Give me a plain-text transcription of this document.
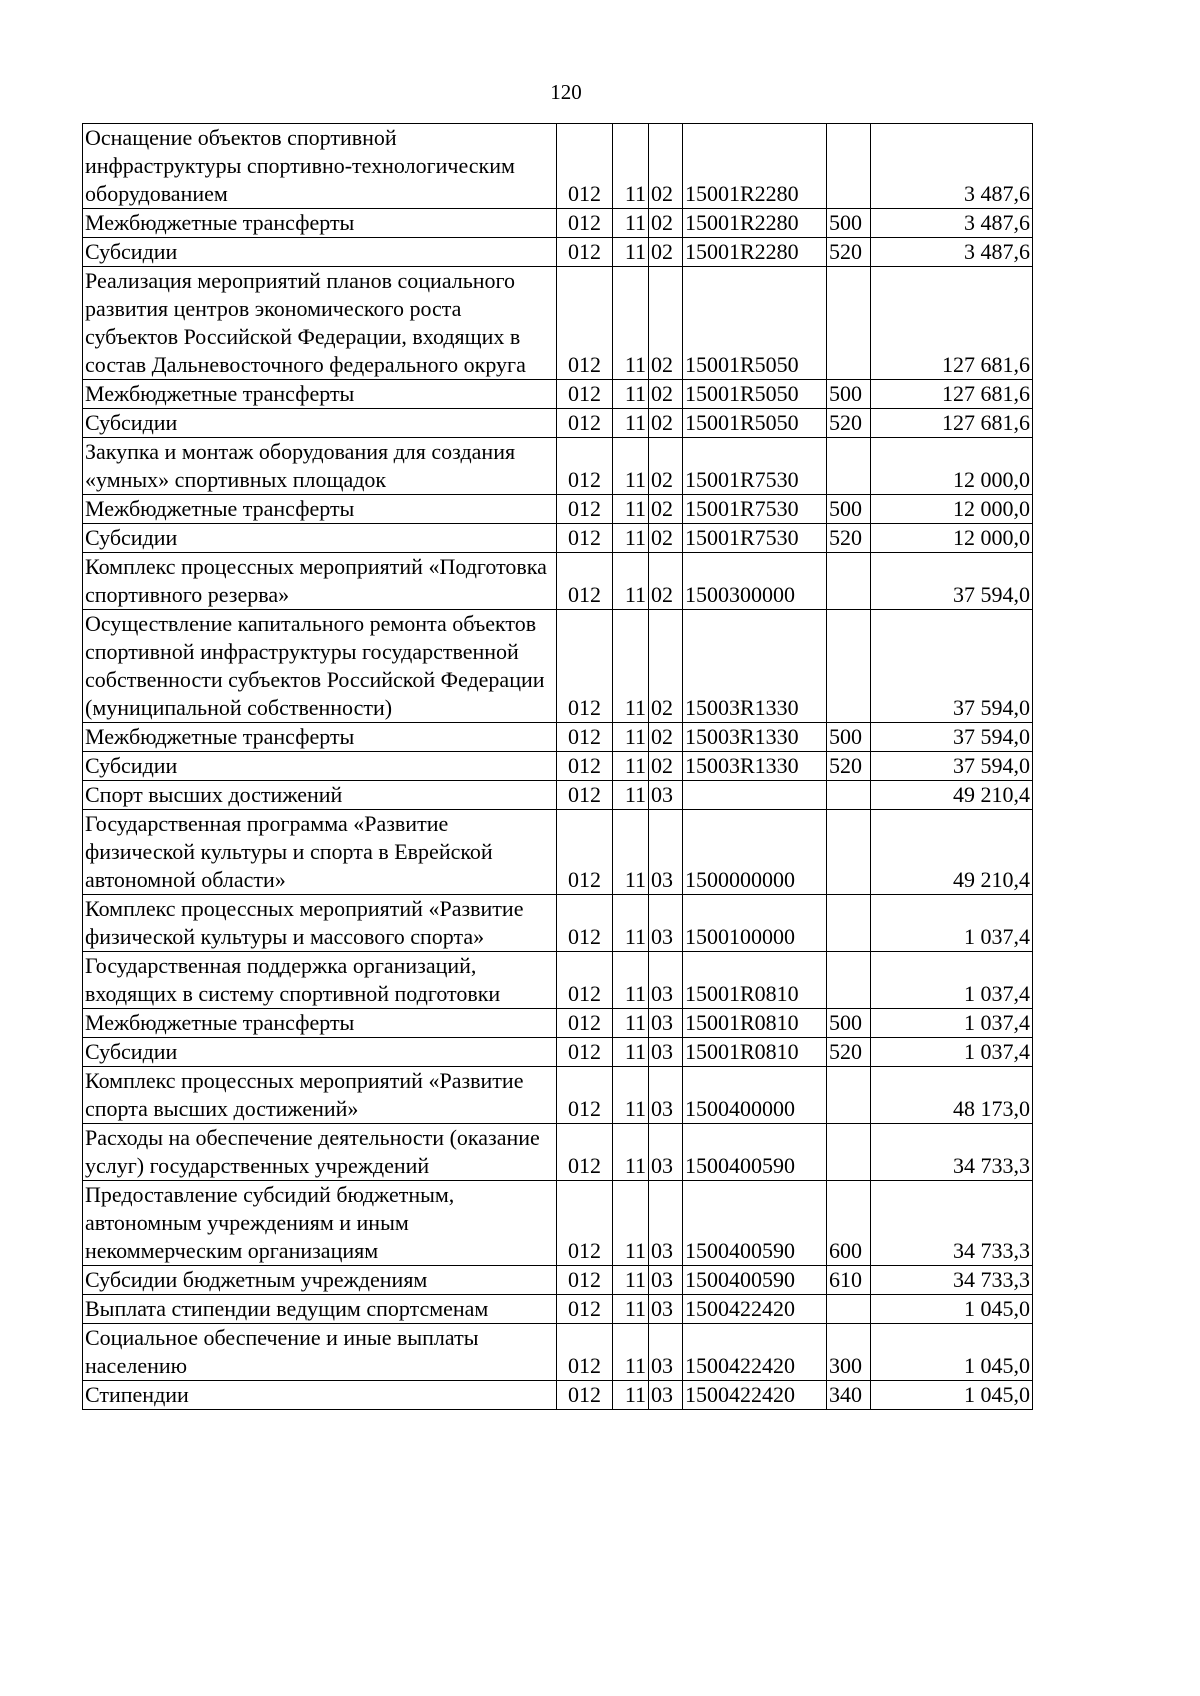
120
Оснащение объектов спортивной инфраструктуры спортивно-технологическим оборудованием	012	11	02	15001R2280		3 487,6
Межбюджетные трансферты	012	11	02	15001R2280	500	3 487,6
Субсидии	012	11	02	15001R2280	520	3 487,6
Реализация мероприятий планов социального развития центров экономического роста субъектов Российской Федерации, входящих в состав Дальневосточного федерального округа	012	11	02	15001R5050		127 681,6
Межбюджетные трансферты	012	11	02	15001R5050	500	127 681,6
Субсидии	012	11	02	15001R5050	520	127 681,6
Закупка и монтаж оборудования для создания «умных» спортивных площадок	012	11	02	15001R7530		12 000,0
Межбюджетные трансферты	012	11	02	15001R7530	500	12 000,0
Субсидии	012	11	02	15001R7530	520	12 000,0
Комплекс процессных мероприятий «Подготовка спортивного резерва»	012	11	02	1500300000		37 594,0
Осуществление капитального ремонта объектов спортивной инфраструктуры государственной собственности субъектов Российской Федерации (муниципальной собственности)	012	11	02	15003R1330		37 594,0
Межбюджетные трансферты	012	11	02	15003R1330	500	37 594,0
Субсидии	012	11	02	15003R1330	520	37 594,0
Спорт высших достижений	012	11	03			49 210,4
Государственная программа «Развитие физической культуры и спорта в Еврейской автономной области»	012	11	03	1500000000		49 210,4
Комплекс процессных мероприятий «Развитие физической культуры и массового спорта»	012	11	03	1500100000		1 037,4
Государственная поддержка организаций, входящих в систему спортивной подготовки	012	11	03	15001R0810		1 037,4
Межбюджетные трансферты	012	11	03	15001R0810	500	1 037,4
Субсидии	012	11	03	15001R0810	520	1 037,4
Комплекс процессных мероприятий «Развитие спорта высших достижений»	012	11	03	1500400000		48 173,0
Расходы на обеспечение деятельности (оказание услуг) государственных учреждений	012	11	03	1500400590		34 733,3
Предоставление субсидий бюджетным, автономным учреждениям и иным некоммерческим организациям	012	11	03	1500400590	600	34 733,3
Субсидии бюджетным учреждениям	012	11	03	1500400590	610	34 733,3
Выплата стипендии ведущим спортсменам	012	11	03	1500422420		1 045,0
Социальное обеспечение и иные выплаты населению	012	11	03	1500422420	300	1 045,0
Стипендии	012	11	03	1500422420	340	1 045,0
